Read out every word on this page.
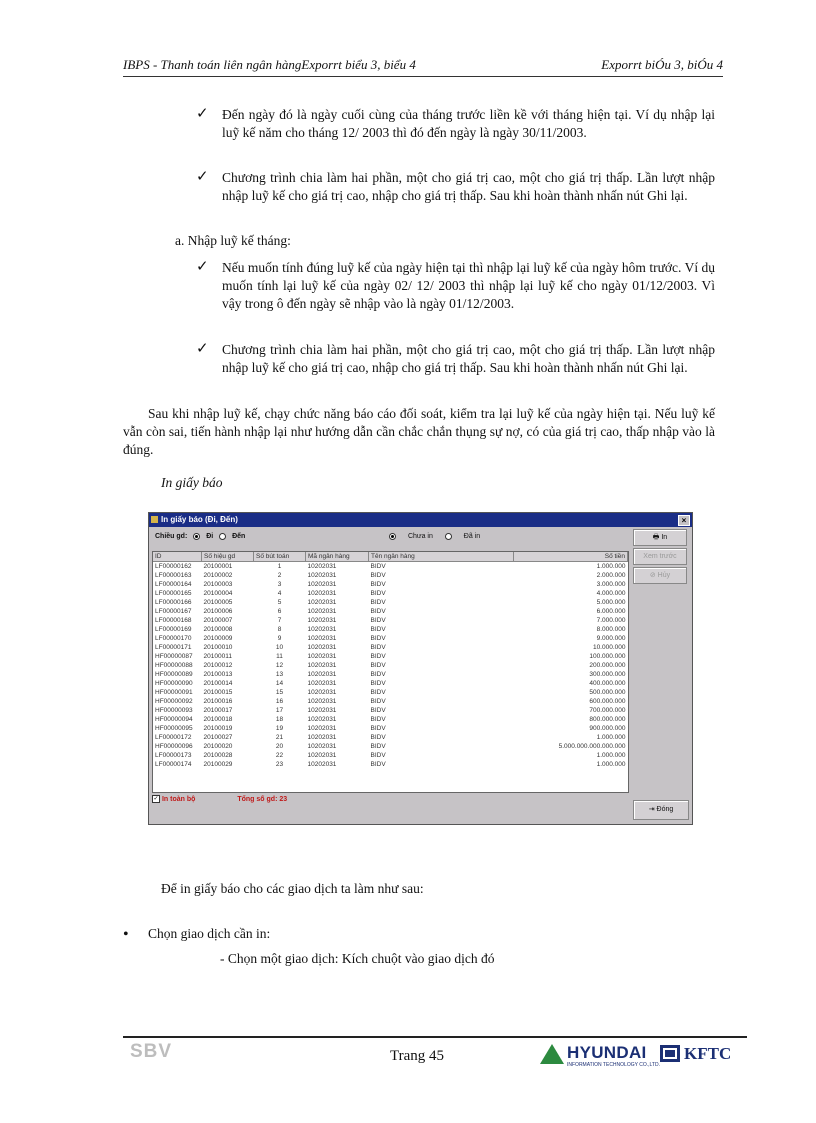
IBPS - Thanh toán liên ngân hàngExporrt biểu 3, biểu 4	Exporrt biÓu 3, biÓu 4
✓ Đến ngày đó là ngày cuối cùng của tháng trước liền kề với tháng hiện tại. Ví dụ nhập lại luỹ kế năm cho tháng 12/ 2003 thì đó đến ngày là ngày 30/11/2003.
✓ Chương trình chia làm hai phần, một cho giá trị cao, một cho giá trị thấp. Lần lượt nhập nhập luỹ kế cho giá trị cao, nhập cho giá trị thấp. Sau khi hoàn thành nhấn nút Ghi lại.
a. Nhập luỹ kế tháng:
✓ Nếu muốn tính đúng luỹ kế của ngày hiện tại thì nhập lại luỹ kế của ngày hôm trước. Ví dụ muốn tính lại luỹ kế của ngày 02/ 12/ 2003 thì nhập lại luỹ kế cho ngày 01/12/2003. Vì vậy trong ô đến ngày sẽ nhập vào là ngày 01/12/2003.
✓ Chương trình chia làm hai phần, một cho giá trị cao, một cho giá trị thấp. Lần lượt nhập nhập luỹ kế cho giá trị cao, nhập cho giá trị thấp. Sau khi hoàn thành nhấn nút Ghi lại.
Sau khi nhập luỹ kế, chạy chức năng báo cáo đối soát, kiểm tra lại luỹ kế của ngày hiện tại. Nếu luỹ kế vẫn còn sai, tiến hành nhập lại như hướng dẫn cần chắc chắn thụng sự nợ, có của giá trị cao, thấp nhập vào là đúng.
In giấy báo
In giấy báo (Đi, Đến)	×
Chiều gd:	Đi	Đến	Chưa in	Đã in
ID	Số hiệu gd	Số bút toán	Mã ngân hàng	Tên ngân hàng	Số tiền
LF00000162	20100001	1	10202031	BIDV	1.000.000
LF00000163	20100002	2	10202031	BIDV	2.000.000
LF00000164	20100003	3	10202031	BIDV	3.000.000
LF00000165	20100004	4	10202031	BIDV	4.000.000
LF00000166	20100005	5	10202031	BIDV	5.000.000
LF00000167	20100006	6	10202031	BIDV	6.000.000
LF00000168	20100007	7	10202031	BIDV	7.000.000
LF00000169	20100008	8	10202031	BIDV	8.000.000
LF00000170	20100009	9	10202031	BIDV	9.000.000
LF00000171	20100010	10	10202031	BIDV	10.000.000
HF00000087	20100011	11	10202031	BIDV	100.000.000
HF00000088	20100012	12	10202031	BIDV	200.000.000
HF00000089	20100013	13	10202031	BIDV	300.000.000
HF00000090	20100014	14	10202031	BIDV	400.000.000
HF00000091	20100015	15	10202031	BIDV	500.000.000
HF00000092	20100016	16	10202031	BIDV	600.000.000
HF00000093	20100017	17	10202031	BIDV	700.000.000
HF00000094	20100018	18	10202031	BIDV	800.000.000
HF00000095	20100019	19	10202031	BIDV	900.000.000
LF00000172	20100027	21	10202031	BIDV	1.000.000
HF00000096	20100020	20	10202031	BIDV	5.000.000.000.000.000
LF00000173	20100028	22	10202031	BIDV	1.000.000
LF00000174	20100029	23	10202031	BIDV	1.000.000
🖶 In
Xem trước
⊘ Hủy
✓ In toàn bộ	Tổng số gd: 23
⇥ Đóng
Để in giấy báo cho các giao dịch ta làm như sau:
• Chọn giao dịch cần in:
- Chọn một giao dịch: Kích chuột vào giao dịch đó
SBV	Trang 45	HYUNDAI
INFORMATION TECHNOLOGY CO.,LTD.
KFTC
